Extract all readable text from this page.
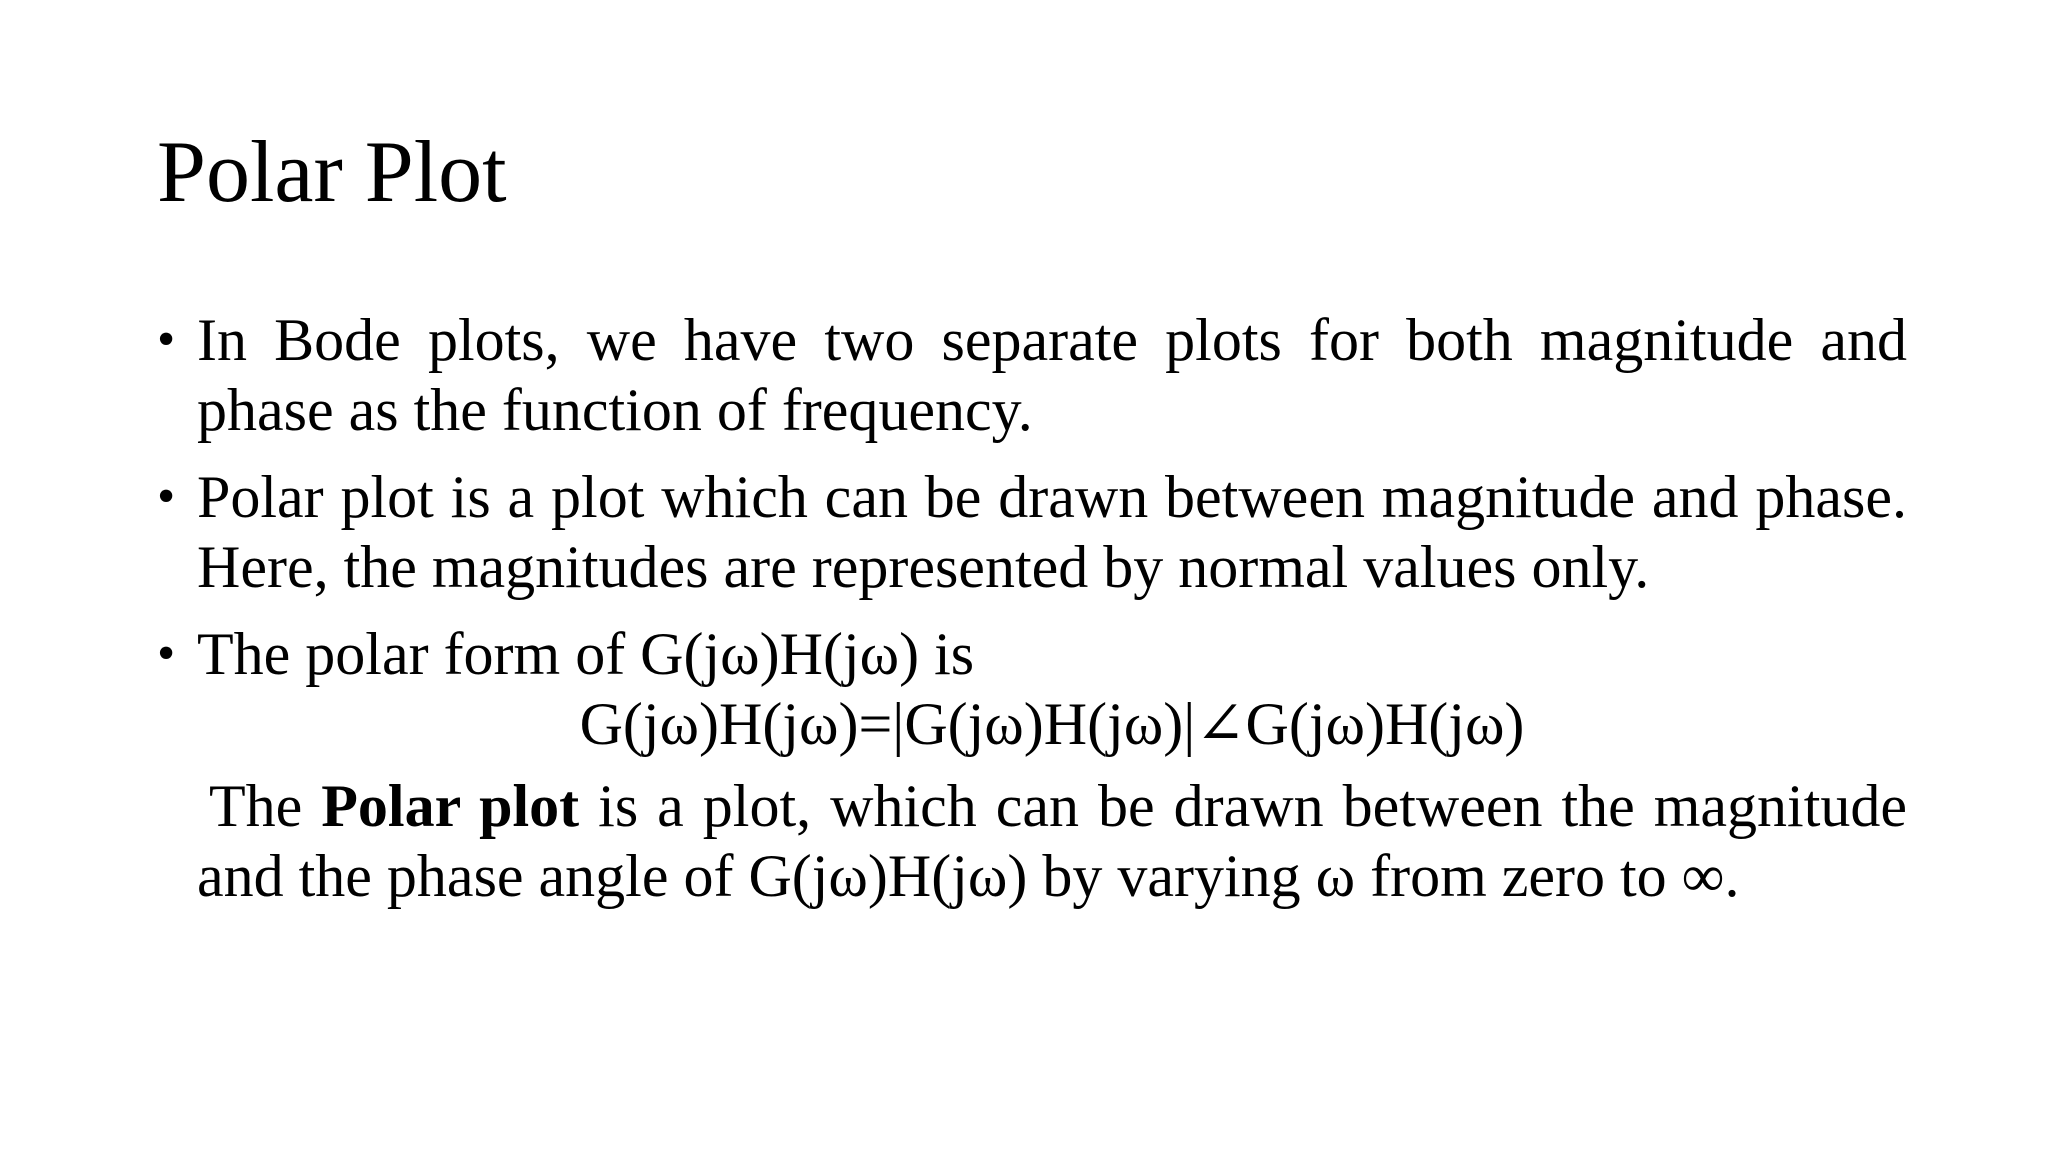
Polar Plot
• In Bode plots, we have two separate plots for both magnitude and phase as the function of frequency.
• Polar plot is a plot which can be drawn between magnitude and phase. Here, the magnitudes are represented by normal values only.
• The polar form of G(jω)H(jω) is
G(jω)H(jω)=|G(jω)H(jω)|∠G(jω)H(jω)
The Polar plot is a plot, which can be drawn between the magnitude and the phase angle of G(jω)H(jω) by varying ω from zero to ∞.
